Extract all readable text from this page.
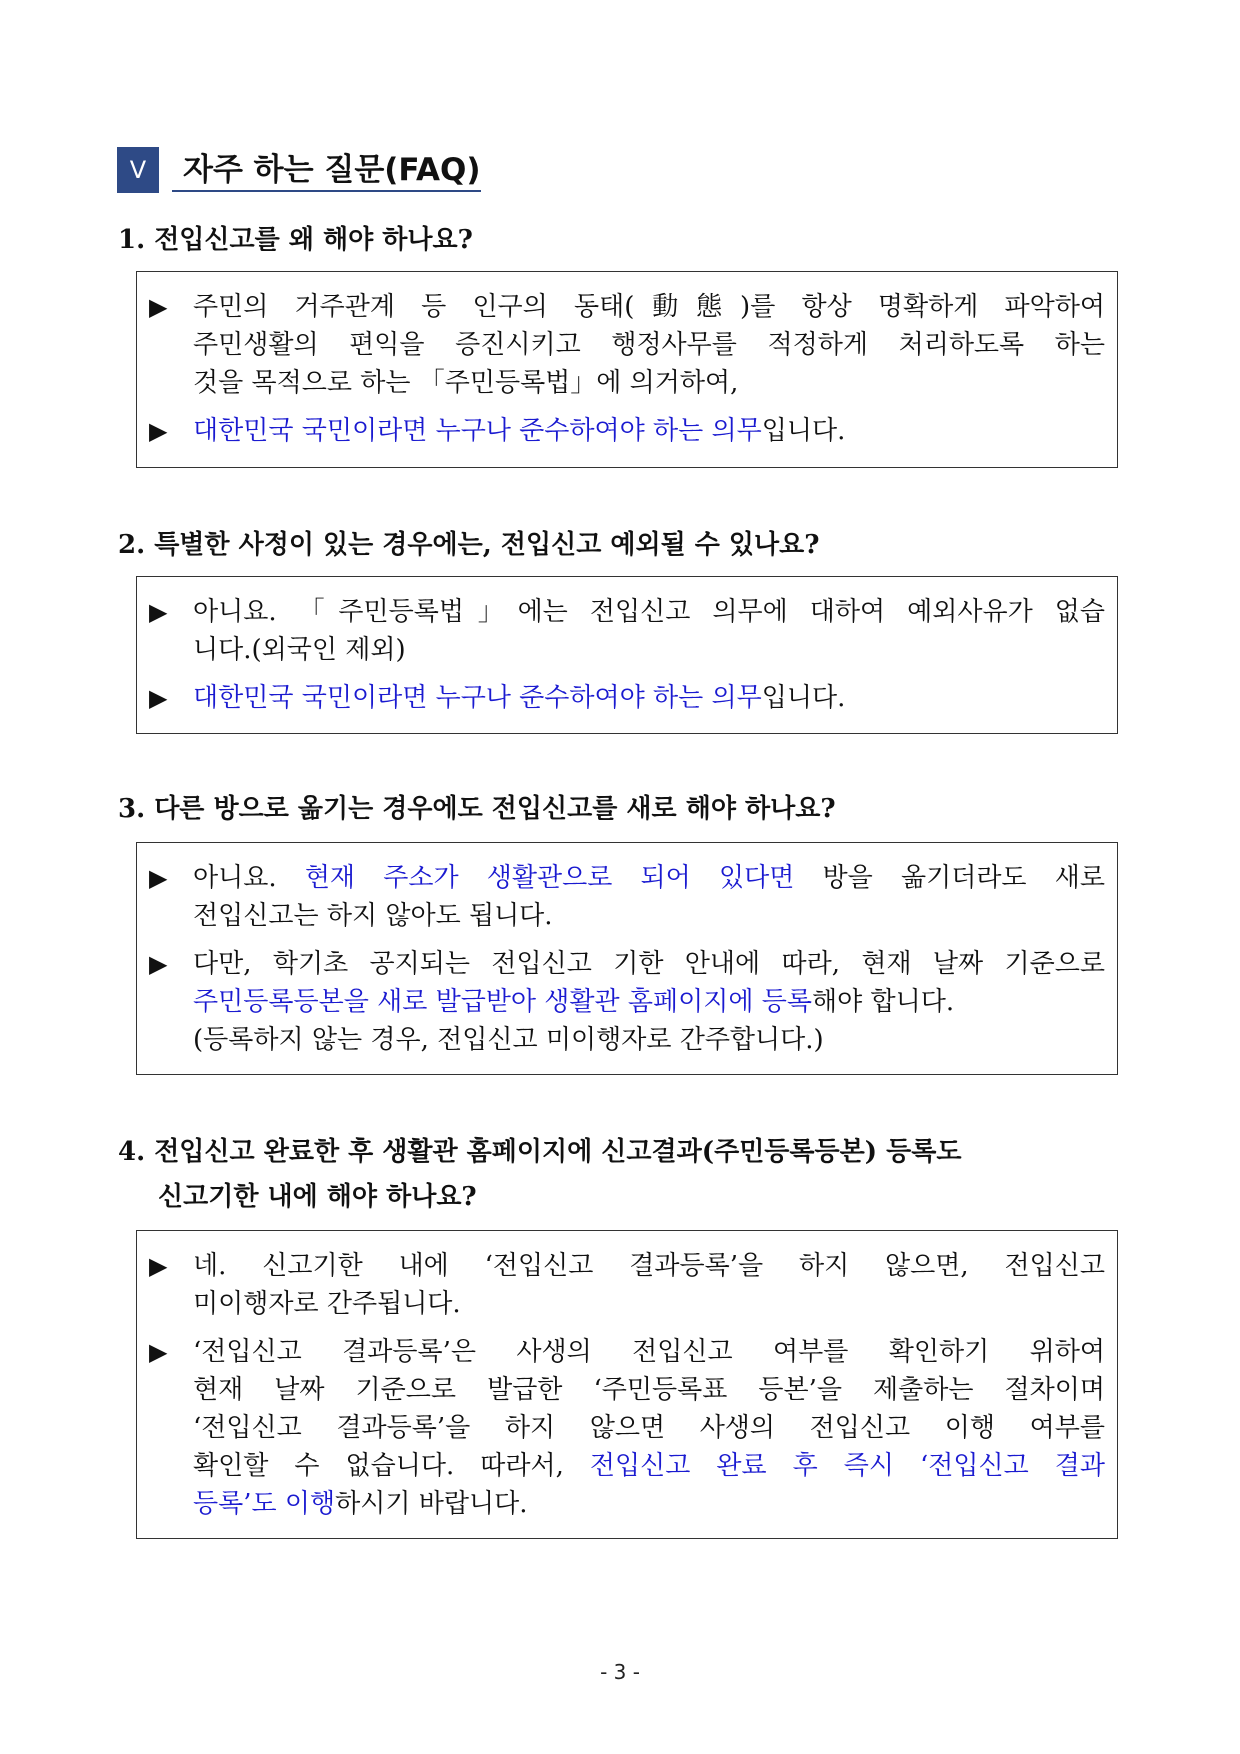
Ⅴ	자주 하는 질문(FAQ)
1. 전입신고를 왜 해야 하나요?
▶ 주민의 거주관계 등 인구의 동태(動態)를 항상 명확하게 파악하여
주민생활의 편익을 증진시키고 행정사무를 적정하게 처리하도록 하는
것을 목적으로 하는 「주민등록법」에 의거하여,
▶ 대한민국 국민이라면 누구나 준수하여야 하는 의무입니다.
2. 특별한 사정이 있는 경우에는, 전입신고 예외될 수 있나요?
▶ 아니요. 「주민등록법」에는 전입신고 의무에 대하여 예외사유가 없습
니다.(외국인 제외)
▶ 대한민국 국민이라면 누구나 준수하여야 하는 의무입니다.
3. 다른 방으로 옮기는 경우에도 전입신고를 새로 해야 하나요?
▶ 아니요. 현재 주소가 생활관으로 되어 있다면 방을 옮기더라도 새로
전입신고는 하지 않아도 됩니다.
▶ 다만, 학기초 공지되는 전입신고 기한 안내에 따라, 현재 날짜 기준으로
주민등록등본을 새로 발급받아 생활관 홈페이지에 등록해야 합니다.
(등록하지 않는 경우, 전입신고 미이행자로 간주합니다.)
4. 전입신고 완료한 후 생활관 홈페이지에 신고결과(주민등록등본) 등록도
신고기한 내에 해야 하나요?
▶ 네. 신고기한 내에 ‘전입신고 결과등록’을 하지 않으면, 전입신고
미이행자로 간주됩니다.
▶ ‘전입신고 결과등록’은 사생의 전입신고 여부를 확인하기 위하여
현재 날짜 기준으로 발급한 ‘주민등록표 등본’을 제출하는 절차이며
‘전입신고 결과등록’을 하지 않으면 사생의 전입신고 이행 여부를
확인할 수 없습니다. 따라서, 전입신고 완료 후 즉시 ‘전입신고 결과
등록’도 이행하시기 바랍니다.
- 3 -
